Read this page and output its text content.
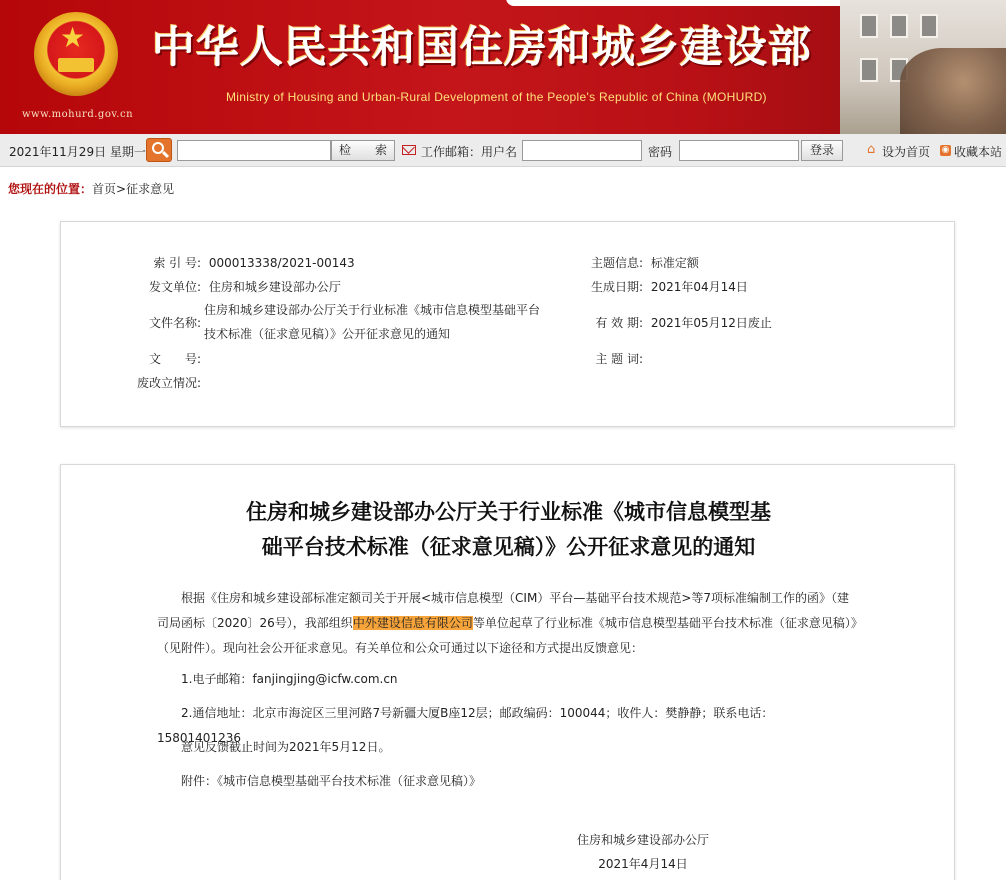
★
www.mohurd.gov.cn
中华人民共和国住房和城乡建设部
Ministry of Housing and Urban-Rural Development of the People's Republic of China (MOHURD)
2021年11月29日 星期一	检　　索	工作邮箱：用户名	密码	登录	⌂ 设为首页 ◉ 收藏本站
您现在的位置：首页>征求意见
索 引 号: 000013338/2021-00143
发文单位: 住房和城乡建设部办公厅
文件名称:
住房和城乡建设部办公厅关于行业标准《城市信息模型基础平台技术标准（征求意见稿）》公开征求意见的通知
文　　号:
废改立情况:
主题信息: 标准定额
生成日期: 2021年04月14日
有 效 期: 2021年05月12日废止
主 题 词:
住房和城乡建设部办公厅关于行业标准《城市信息模型基
础平台技术标准（征求意见稿）》公开征求意见的通知
根据《住房和城乡建设部标准定额司关于开展<城市信息模型（CIM）平台—基础平台技术规范>等7项标准编制工作的函》（建司局函标〔2020〕26号），我部组织中外建设信息有限公司等单位起草了行业标准《城市信息模型基础平台技术标准（征求意见稿）》（见附件）。现向社会公开征求意见。有关单位和公众可通过以下途径和方式提出反馈意见：
1.电子邮箱：fanjingjing@icfw.com.cn
2.通信地址：北京市海淀区三里河路7号新疆大厦B座12层；邮政编码：100044；收件人：樊静静；联系电话：15801401236
意见反馈截止时间为2021年5月12日。
附件：《城市信息模型基础平台技术标准（征求意见稿）》
住房和城乡建设部办公厅
2021年4月14日
